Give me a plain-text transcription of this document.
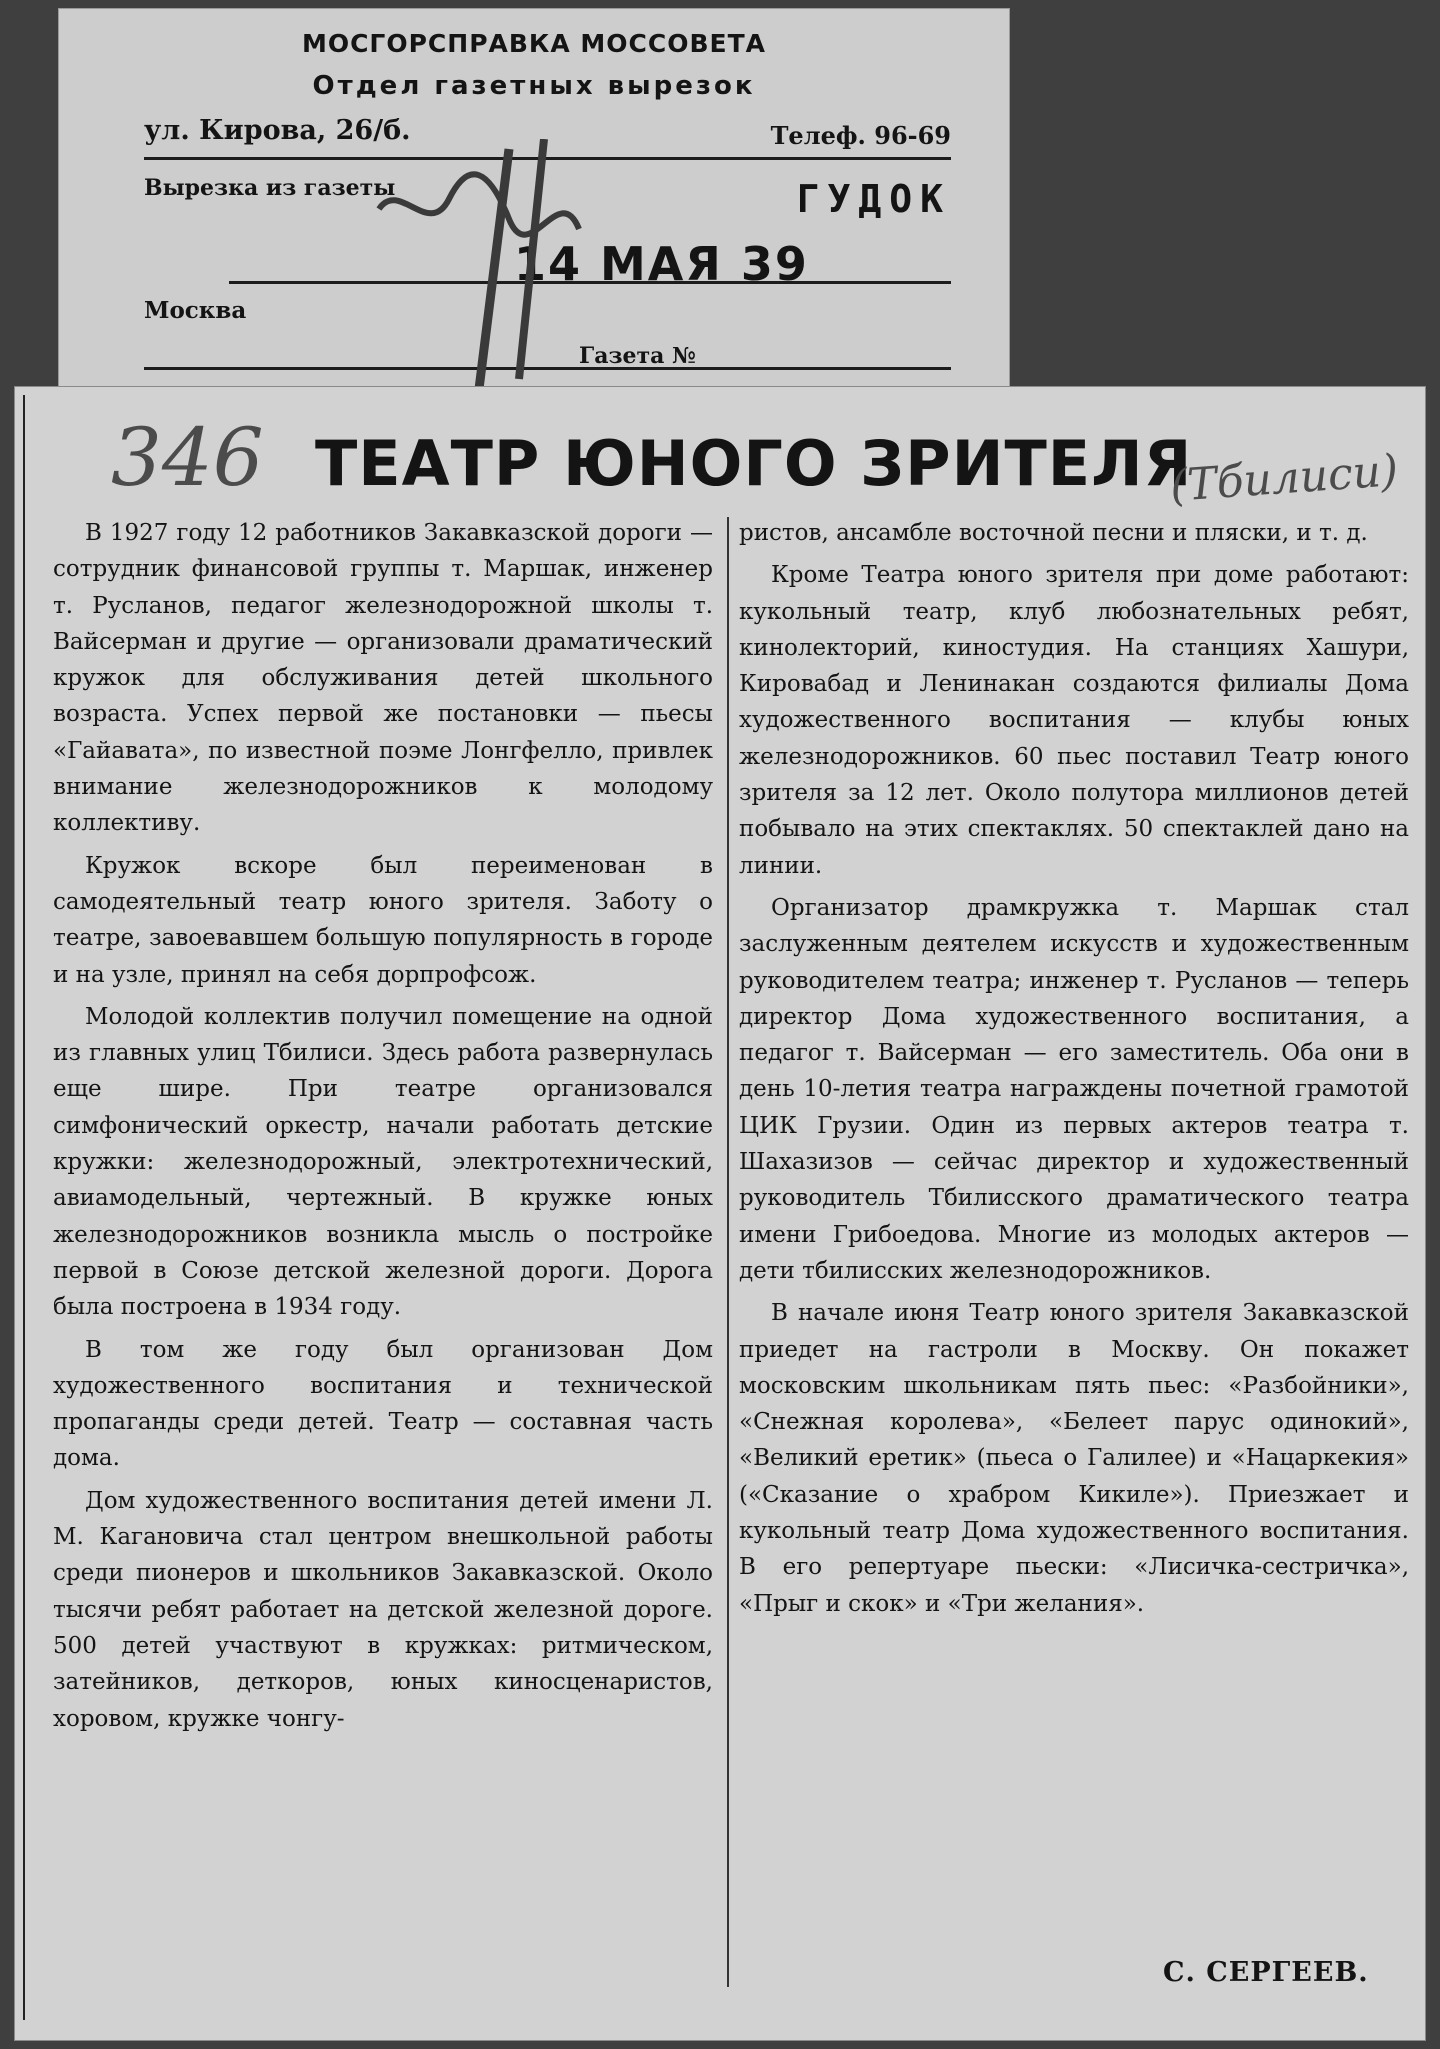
МОСГОРСПРАВКА МОССОВЕТА
Отдел газетных вырезок
ул. Кирова, 26/б.	Телеф. 96-69
Вырезка из газеты	ГУДОК
14 МАЯ 39
Москва
Газета №
346 ТЕАТР ЮНОГО ЗРИТЕЛЯ
(Тбилиси)

В 1927 году 12 работников Закавказской дороги — сотрудник финансовой группы т. Маршак, инженер т. Русланов, педагог железнодорожной школы т. Вайсерман и другие — организовали драматический кружок для обслуживания детей школьного возраста. Успех первой же постановки — пьесы «Гайавата», по известной поэме Лонгфелло, привлек внимание железнодорожников к молодому коллективу.

Кружок вскоре был переименован в самодеятельный театр юного зрителя. Заботу о театре, завоевавшем большую популярность в городе и на узле, принял на себя дорпрофсож.

Молодой коллектив получил помещение на одной из главных улиц Тбилиси. Здесь работа развернулась еще шире. При театре организовался симфонический оркестр, начали работать детские кружки: железнодорожный, электротехнический, авиамодельный, чертежный. В кружке юных железнодорожников возникла мысль о постройке первой в Союзе детской железной дороги. Дорога была построена в 1934 году.

В том же году был организован Дом художественного воспитания и технической пропаганды среди детей. Театр — составная часть дома.

Дом художественного воспитания детей имени Л. М. Кагановича стал центром внешкольной работы среди пионеров и школьников Закавказской. Около тысячи ребят работает на детской железной дороге. 500 детей участвуют в кружках: ритмическом, затейников, деткоров, юных киносценаристов, хоровом, кружке чонгу-

ристов, ансамбле восточной песни и пляски, и т. д.

Кроме Театра юного зрителя при доме работают: кукольный театр, клуб любознательных ребят, кинолекторий, киностудия. На станциях Хашури, Кировабад и Ленинакан создаются филиалы Дома художественного воспитания — клубы юных железнодорожников. 60 пьес поставил Театр юного зрителя за 12 лет. Около полутора миллионов детей побывало на этих спектаклях. 50 спектаклей дано на линии.

Организатор драмкружка т. Маршак стал заслуженным деятелем искусств и художественным руководителем театра; инженер т. Русланов — теперь директор Дома художественного воспитания, а педагог т. Вайсерман — его заместитель. Оба они в день 10-летия театра награждены почетной грамотой ЦИК Грузии. Один из первых актеров театра т. Шахазизов — сейчас директор и художественный руководитель Тбилисского драматического театра имени Грибоедова. Многие из молодых актеров — дети тбилисских железнодорожников.

В начале июня Театр юного зрителя Закавказской приедет на гастроли в Москву. Он покажет московским школьникам пять пьес: «Разбойники», «Снежная королева», «Белеет парус одинокий», «Великий еретик» (пьеса о Галилее) и «Нацаркекия» («Сказание о храбром Кикиле»). Приезжает и кукольный театр Дома художественного воспитания. В его репертуаре пьески: «Лисичка-сестричка», «Прыг и скок» и «Три желания».

С. СЕРГЕЕВ.
